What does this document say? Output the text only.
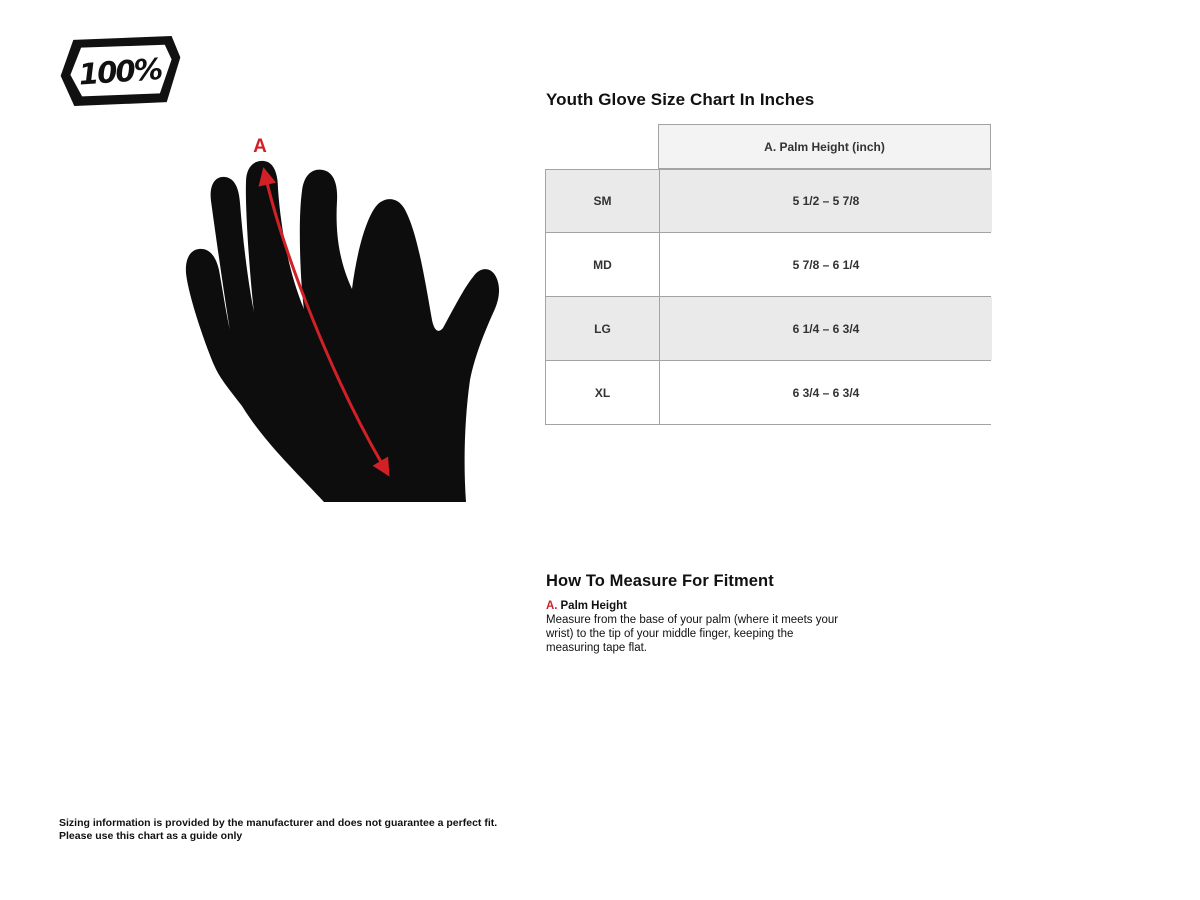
100%
A
Youth Glove Size Chart In Inches
A. Palm Height (inch)
SM	5 1/2 – 5 7/8
MD	5 7/8 – 6 1/4
LG	6 1/4 – 6 3/4
XL	6 3/4 – 6 3/4
How To Measure For Fitment
A. Palm Height

Measure from the base of your palm (where it meets your wrist) to the tip of your middle finger, keeping the measuring tape flat.

Sizing information is provided by the manufacturer and does not guarantee a perfect fit.
Please use this chart as a guide only
